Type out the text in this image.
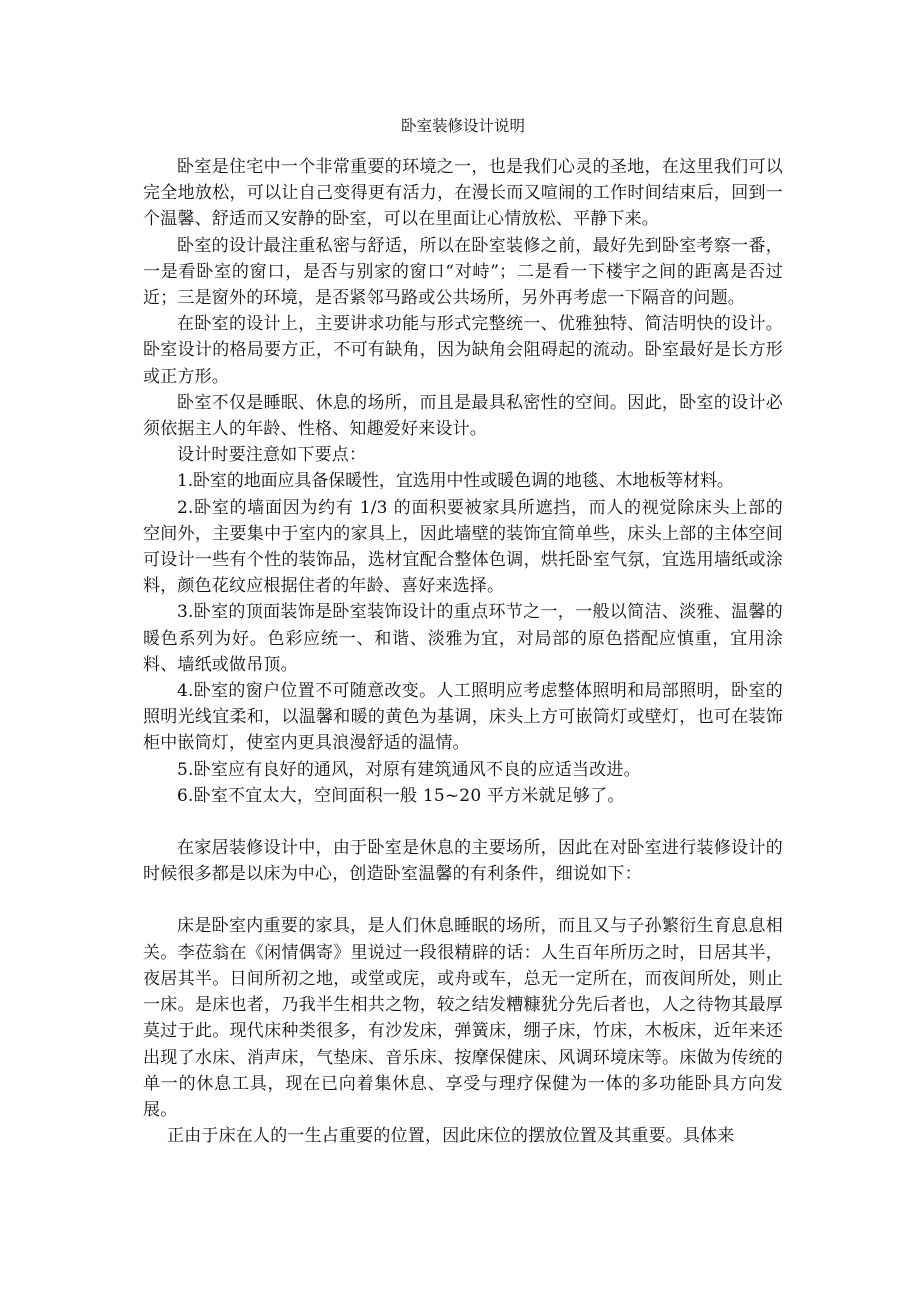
卧室装修设计说明

卧室是住宅中一个非常重要的环境之一，也是我们心灵的圣地，在这里我们可以完全地放松，可以让自己变得更有活力，在漫长而又喧闹的工作时间结束后，回到一个温馨、舒适而又安静的卧室，可以在里面让心情放松、平静下来。

卧室的设计最注重私密与舒适，所以在卧室装修之前，最好先到卧室考察一番，一是看卧室的窗口，是否与别家的窗口“对峙”；二是看一下楼宇之间的距离是否过近；三是窗外的环境，是否紧邻马路或公共场所，另外再考虑一下隔音的问题。

在卧室的设计上，主要讲求功能与形式完整统一、优雅独特、简洁明快的设计。卧室设计的格局要方正，不可有缺角，因为缺角会阻碍起的流动。卧室最好是长方形或正方形。

卧室不仅是睡眠、休息的场所，而且是最具私密性的空间。因此，卧室的设计必须依据主人的年龄、性格、知趣爱好来设计。

设计时要注意如下要点：

1.卧室的地面应具备保暖性，宜选用中性或暖色调的地毯、木地板等材料。

2.卧室的墙面因为约有 1/3 的面积要被家具所遮挡，而人的视觉除床头上部的空间外，主要集中于室内的家具上，因此墙壁的装饰宜简单些，床头上部的主体空间可设计一些有个性的装饰品，选材宜配合整体色调，烘托卧室气氛，宜选用墙纸或涂料，颜色花纹应根据住者的年龄、喜好来选择。

3.卧室的顶面装饰是卧室装饰设计的重点环节之一，一般以简洁、淡雅、温馨的暖色系列为好。色彩应统一、和谐、淡雅为宜，对局部的原色搭配应慎重，宜用涂料、墙纸或做吊顶。

4.卧室的窗户位置不可随意改变。人工照明应考虑整体照明和局部照明，卧室的照明光线宜柔和，以温馨和暖的黄色为基调，床头上方可嵌筒灯或壁灯，也可在装饰柜中嵌筒灯，使室内更具浪漫舒适的温情。

5.卧室应有良好的通风，对原有建筑通风不良的应适当改进。

6.卧室不宜太大，空间面积一般 15~20 平方米就足够了。

在家居装修设计中，由于卧室是休息的主要场所，因此在对卧室进行装修设计的时候很多都是以床为中心，创造卧室温馨的有利条件，细说如下：

床是卧室内重要的家具，是人们休息睡眠的场所，而且又与子孙繁衍生育息息相关。李莅翁在《闲情偶寄》里说过一段很精辟的话：人生百年所历之时，日居其半，夜居其半。日间所初之地，或堂或庑，或舟或车，总无一定所在，而夜间所处，则止一床。是床也者，乃我半生相共之物，较之结发糟糠犹分先后者也，人之待物其最厚莫过于此。现代床种类很多，有沙发床，弹簧床，绷子床，竹床，木板床，近年来还出现了水床、消声床，气垫床、音乐床、按摩保健床、风调环境床等。床做为传统的单一的休息工具，现在已向着集休息、享受与理疗保健为一体的多功能卧具方向发展。

正由于床在人的一生占重要的位置，因此床位的摆放位置及其重要。具体来
